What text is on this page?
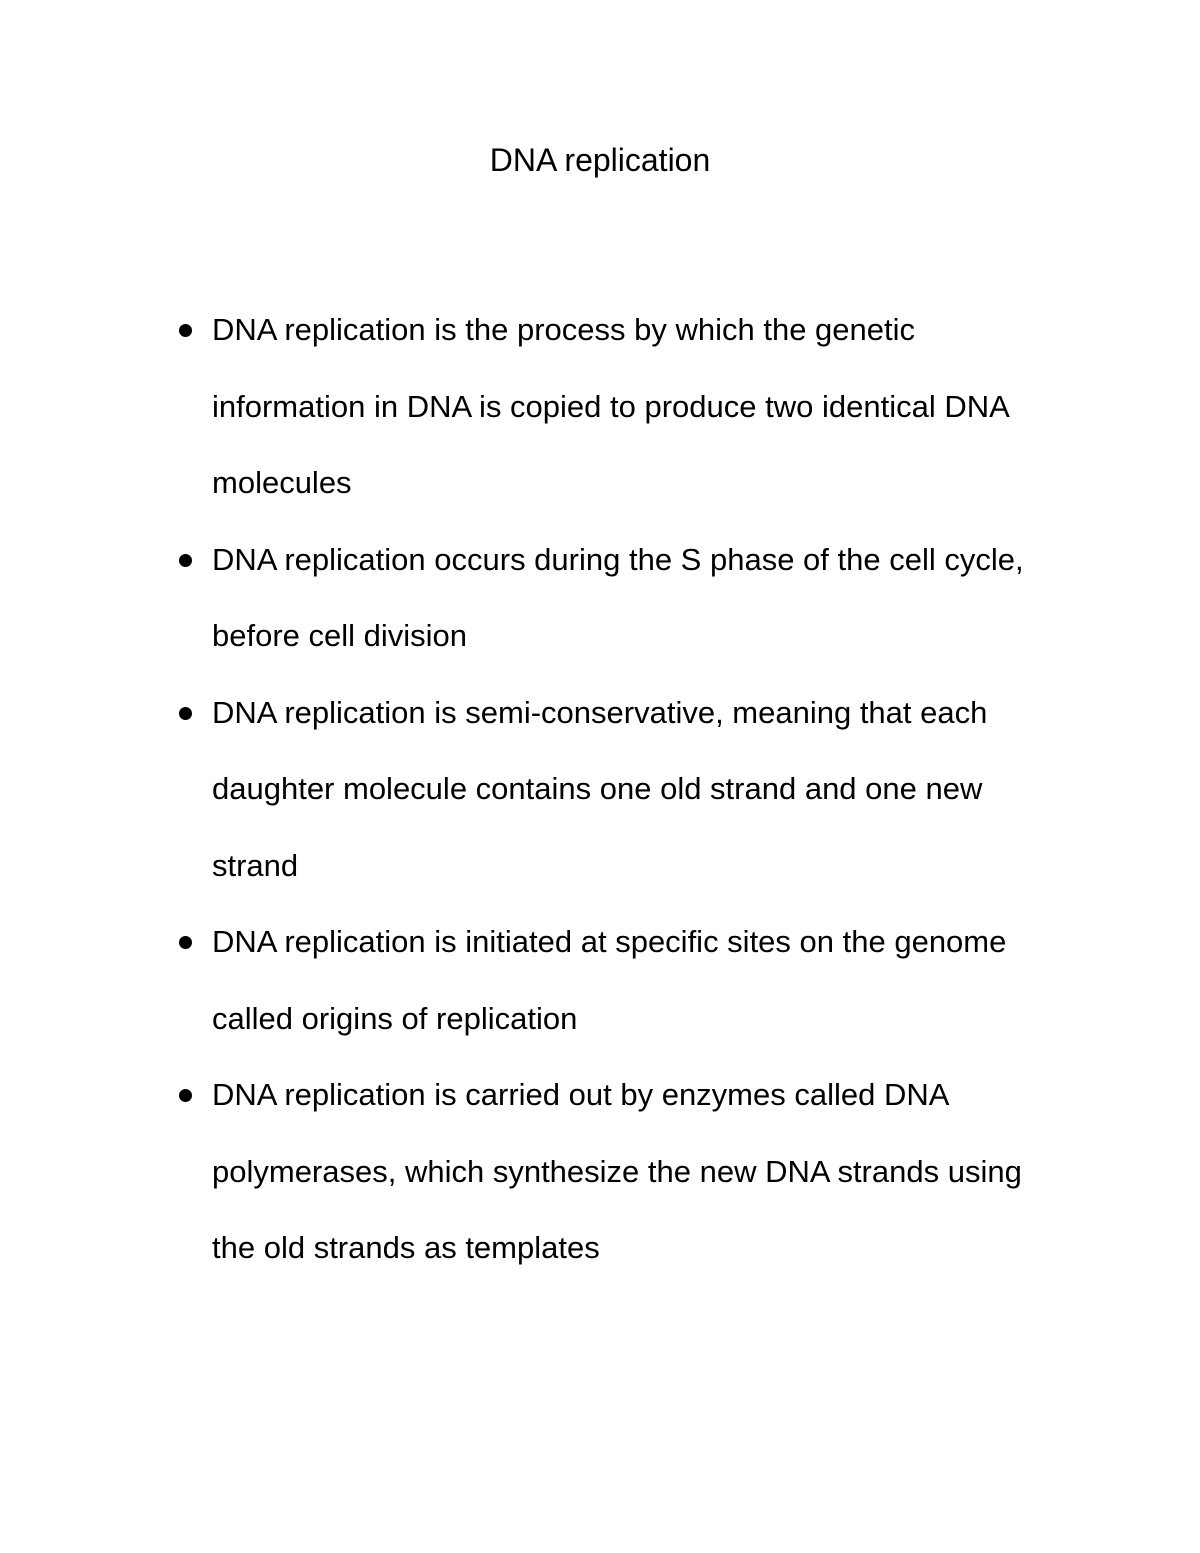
DNA replication
DNA replication is the process by which the genetic information in DNA is copied to produce two identical DNA molecules
DNA replication occurs during the S phase of the cell cycle, before cell division
DNA replication is semi-conservative, meaning that each daughter molecule contains one old strand and one new strand
DNA replication is initiated at specific sites on the genome called origins of replication
DNA replication is carried out by enzymes called DNA polymerases, which synthesize the new DNA strands using the old strands as templates
